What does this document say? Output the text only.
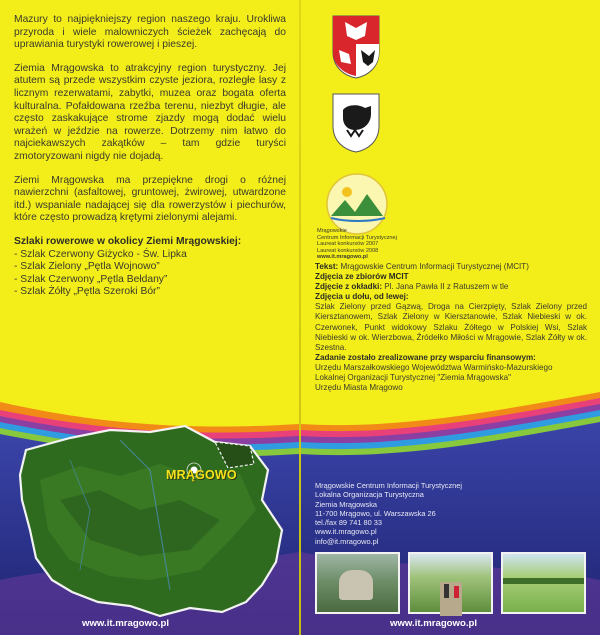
Mazury to najpiękniejszy region naszego kraju. Urokliwa przyroda i wiele malowniczych ścieżek zachęcają do uprawiania turystyki rowerowej i pieszej.

Ziemia Mrągowska to atrakcyjny region turystyczny. Jej atutem są przede wszystkim czyste jeziora, rozległe lasy z licznym rezerwatami, zabytki, muzea oraz bogata oferta kulturalna. Pofałdowana rzeźba terenu, niezbyt długie, ale często zaskakujące strome zjazdy mogą dodać wielu wrażeń w jeździe na rowerze. Dotrzemy nim łatwo do najciekawszych zakątków – tam gdzie turyści zmotoryzowani nigdy nie dojadą.

Ziemi Mrągowska ma przepiękne drogi o różnej nawierzchni (asfaltowej, gruntowej, żwirowej, utwardzone itd.) wspaniale nadającej się dla rowerzystów i piechurów, które często prowadzą krętymi zielonymi alejami.

Szlaki rowerowe w okolicy Ziemi Mrągowskiej:
- Szlak Czerwony Giżycko - Św. Lipka
- Szlak Zielony „Pętla Wojnowo”
- Szlak Czerwony „Pętla Bełdany”
- Szlak Żółty „Pętla Szeroki Bór”
MRĄGOWO
www.it.mragowo.pl
Mrągowskie
Centrum Informacji Turystycznej
Laureat konkursów 2007
Laureat konkursów 2008
www.it.mragowo.pl
Tekst: Mrągowskie Centrum Informacji Turystycznej (MCIT)
Zdjęcia ze zbiorów MCIT
Zdjęcie z okładki: Pl. Jana Pawła II z Ratuszem w tle
Zdjęcia u dołu, od lewej:
Szlak Zielony przed Gązwą, Droga na Cierzpięty, Szlak Zielony przed Kiersztanowem, Szlak Zielony w Kiersztanowie, Szlak Niebieski w ok. Czerwonek, Punkt widokowy Szlaku Żółtego w Polskiej Wsi, Szlak Niebieski w ok. Wierzbowa, Źródełko Miłości w Mrągowie, Szlak Żółty w ok. Szestna.
Zadanie zostało zrealizowane przy wsparciu finansowym:
Urzędu Marszałkowskiego Województwa Warmińsko-Mazurskiego
Lokalnej Organizacji Turystycznej "Ziemia Mrągowska"
Urzędu Miasta Mrągowo
Mrągowskie Centrum Informacji Turystycznej
Lokalna Organizacja Turystyczna
Ziemia Mrągowska
11-700 Mrągowo, ul. Warszawska 26
tel./fax 89 741 80 33
www.it.mragowo.pl
info@it.mragowo.pl
www.it.mragowo.pl
